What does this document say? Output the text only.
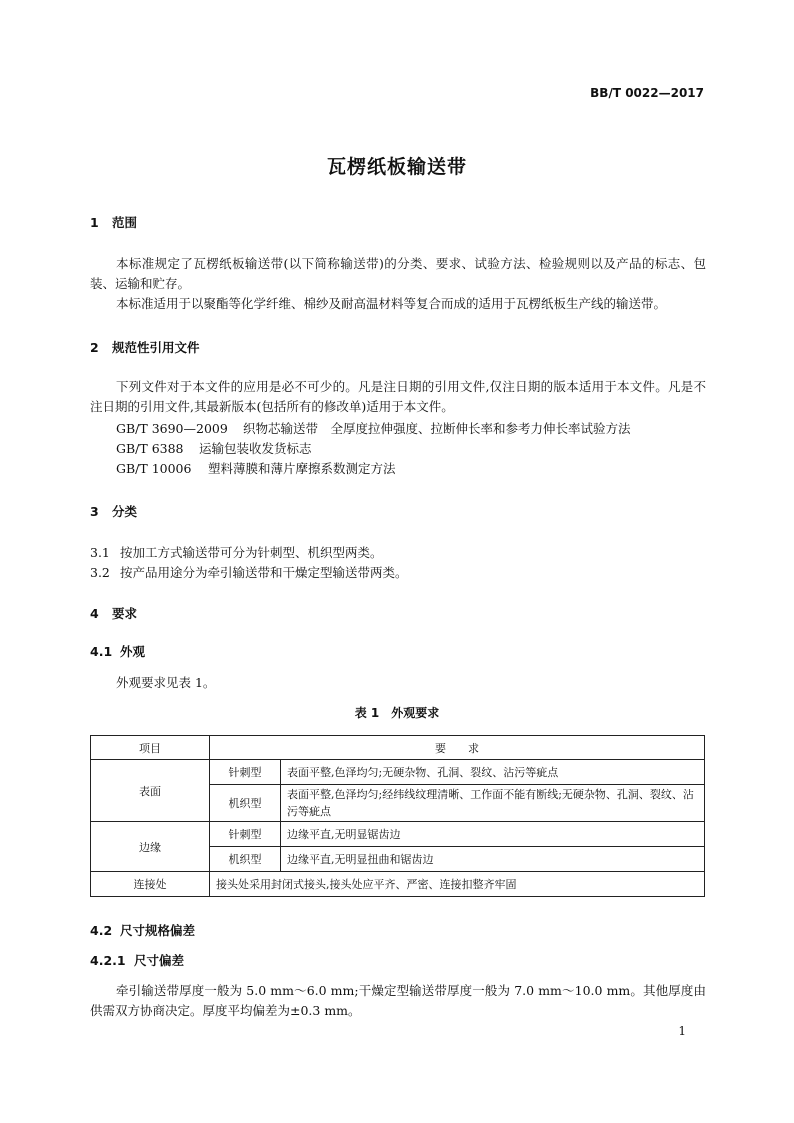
BB/T 0022—2017
瓦楞纸板输送带
1 范围
本标准规定了瓦楞纸板输送带(以下简称输送带)的分类、要求、试验方法、检验规则以及产品的标志、包装、运输和贮存。
本标准适用于以聚酯等化学纤维、棉纱及耐高温材料等复合而成的适用于瓦楞纸板生产线的输送带。
2 规范性引用文件
下列文件对于本文件的应用是必不可少的。凡是注日期的引用文件,仅注日期的版本适用于本文件。凡是不注日期的引用文件,其最新版本(包括所有的修改单)适用于本文件。
GB/T 3690—2009 织物芯输送带　全厚度拉伸强度、拉断伸长率和参考力伸长率试验方法
GB/T 6388 运输包装收发货标志
GB/T 10006 塑料薄膜和薄片摩擦系数测定方法
3 分类
3.1 按加工方式输送带可分为针刺型、机织型两类。
3.2 按产品用途分为牵引输送带和干燥定型输送带两类。
4 要求
4.1 外观
外观要求见表 1。
表 1　外观要求
项目	要　　求	
表面	针刺型	表面平整,色泽均匀;无硬杂物、孔洞、裂纹、沾污等疵点
	机织型	表面平整,色泽均匀;经纬线纹理清晰、工作面不能有断线;无硬杂物、孔洞、裂纹、沾污等疵点
边缘	针刺型	边缘平直,无明显锯齿边
	机织型	边缘平直,无明显扭曲和锯齿边
连接处	接头处采用封闭式接头,接头处应平齐、严密、连接扣整齐牢固	
4.2 尺寸规格偏差
4.2.1 尺寸偏差
牵引输送带厚度一般为 5.0 mm～6.0 mm;干燥定型输送带厚度一般为 7.0 mm～10.0 mm。其他厚度由供需双方协商决定。厚度平均偏差为±0.3 mm。
1
